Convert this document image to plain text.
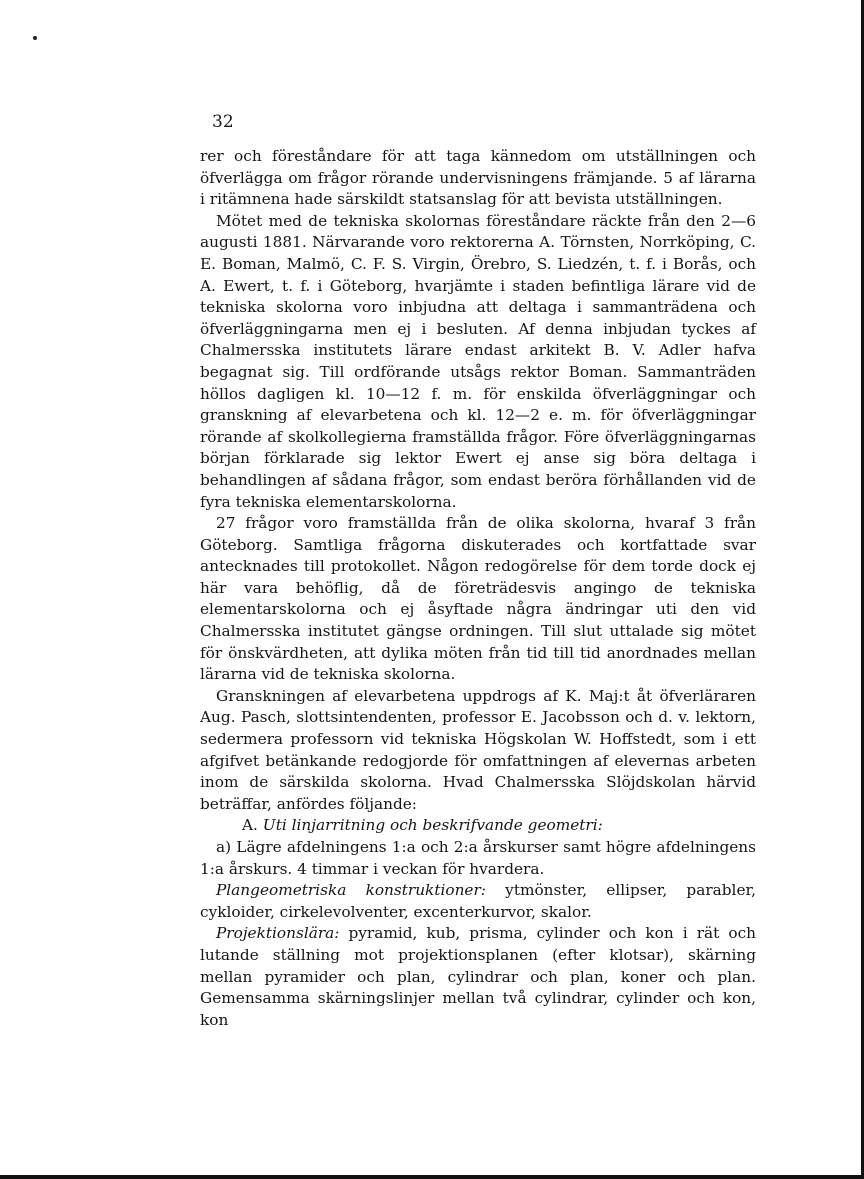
32

rer och föreståndare för att taga kännedom om utställningen och öfverlägga om frågor rörande undervisningens främjande. 5 af lärarna i ritämnena hade särskildt statsanslag för att bevista utställningen.

Mötet med de tekniska skolornas föreståndare räckte från den 2—6 augusti 1881. Närvarande voro rektorerna A. Törnsten, Norrköping, C. E. Boman, Malmö, C. F. S. Virgin, Örebro, S. Liedzén, t. f. i Borås, och A. Ewert, t. f. i Göteborg, hvarjämte i staden befintliga lärare vid de tekniska skolorna voro inbjudna att deltaga i sammanträdena och öfverläggningarna men ej i besluten. Af denna inbjudan tyckes af Chalmersska institutets lärare endast arkitekt B. V. Adler hafva begagnat sig. Till ordförande utsågs rektor Boman. Sammanträden höllos dagligen kl. 10—12 f. m. för enskilda öfverläggningar och granskning af elevarbetena och kl. 12—2 e. m. för öfverläggningar rörande af skolkollegierna framställda frågor. Före öfverläggningarnas början förklarade sig lektor Ewert ej anse sig böra deltaga i behandlingen af sådana frågor, som endast beröra förhållanden vid de fyra tekniska elementarskolorna.

27 frågor voro framställda från de olika skolorna, hvaraf 3 från Göteborg. Samtliga frågorna diskuterades och kortfattade svar antecknades till protokollet. Någon redogörelse för dem torde dock ej här vara behöflig, då de företrädesvis angingo de tekniska elementarskolorna och ej åsyftade några ändringar uti den vid Chalmersska institutet gängse ordningen. Till slut uttalade sig mötet för önskvärdheten, att dylika möten från tid till tid anordnades mellan lärarna vid de tekniska skolorna.

Granskningen af elevarbetena uppdrogs af K. Maj:t åt öfverläraren Aug. Pasch, slottsintendenten, professor E. Jacobsson och d. v. lektorn, sedermera professorn vid tekniska Högskolan W. Hoffstedt, som i ett afgifvet betänkande redogjorde för omfattningen af elevernas arbeten inom de särskilda skolorna. Hvad Chalmersska Slöjdskolan härvid beträffar, anfördes följande:

A. Uti linjarritning och beskrifvande geometri:

a) Lägre afdelningens 1:a och 2:a årskurser samt högre afdelningens 1:a årskurs. 4 timmar i veckan för hvardera.

Plangeometriska konstruktioner: ytmönster, ellipser, parabler, cykloider, cirkelevolventer, excenterkurvor, skalor.

Projektionslära: pyramid, kub, prisma, cylinder och kon i rät och lutande ställning mot projektionsplanen (efter klotsar), skärning mellan pyramider och plan, cylindrar och plan, koner och plan. Gemensamma skärningslinjer mellan två cylindrar, cylinder och kon, kon
